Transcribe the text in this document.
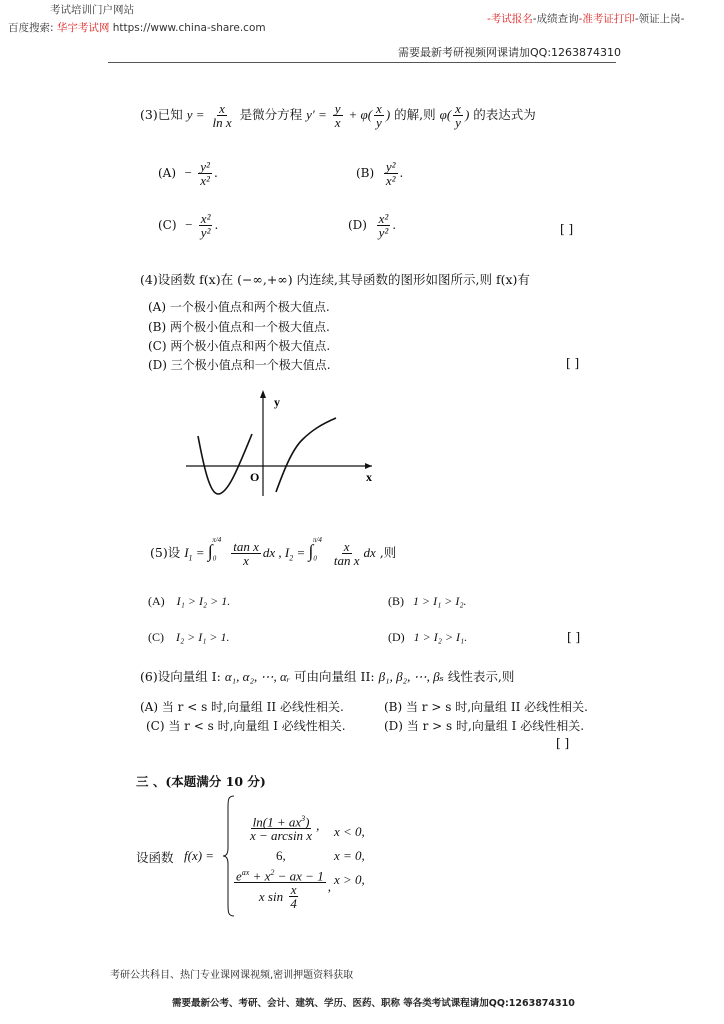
考试培训门户网站
百度搜索: 华宇考试网 https://www.china-share.com
-考试报名-成绩查询-准考证打印-领证上岗-
需要最新考研视频网课请加QQ:1263874310
(3)已知 $y = \frac{x}{\text{ln x}}$ 是微分方程 $y' = \frac{y}{x} + \varphi( \frac{x}{y}$ ) 的解,则 $\varphi( \frac{x}{y}$ ) 的表达式为
$(A) - \frac{\text{y²}}{\text{x²}}$ .	$(B) \frac{\text{y²}}{\text{x²}}$ .
$(C) - \frac{\text{x²}}{\text{y²}}$ .	$(D) \frac{\text{x²}}{\text{y²}}$ .	[ ]
(4)设函数 f(x)在 (−∞,+∞) 内连续,其导函数的图形如图所示,则 f(x)有
(A) 一个极小值点和两个极大值点.
(B) 两个极小值点和一个极大值点.
(C) 两个极小值点和两个极大值点.
(D) 三个极小值点和一个极大值点.	[ ]
y
x
O
(5)设 $I_1 = \int_0^{\pi/4}$
$\frac{\text{tan x}}{x}$ dx , $I_2 = \int_0^{\pi/4}$
$\frac{x}{\text{tan x}}$ dx ,则
(A) I₁ > I₂ > 1.	(B) 1 > I₁ > I₂.
(C) I₂ > I₁ > 1.	(D) 1 > I₂ > I₁.	[ ]
(6)设向量组 I: α₁, α₂, ⋯, αᵣ 可由向量组 II: β₁, β₂, ⋯, βₛ 线性表示,则
(A) 当 r < s 时,向量组 II 必线性相关.	(B) 当 r > s 时,向量组 II 必线性相关.
(C) 当 r < s 时,向量组 I 必线性相关.	(D) 当 r > s 时,向量组 I 必线性相关.
[ ]
三 、(本题满分 10 分)
设函数 f(x) =
$\frac{\ln(1 + ax^3)}{\text{x − arcsin x}}$ , x < 0,
6,	x = 0,
$\frac{e^{ax} + x^2 - ax - 1}{x \sin \frac{x}{4}}$ , x > 0,
考研公共科目、热门专业课网课视频,密训押题资料获取
需要最新公考、考研、会计、建筑、学历、医药、职称 等各类考试课程请加QQ:1263874310
